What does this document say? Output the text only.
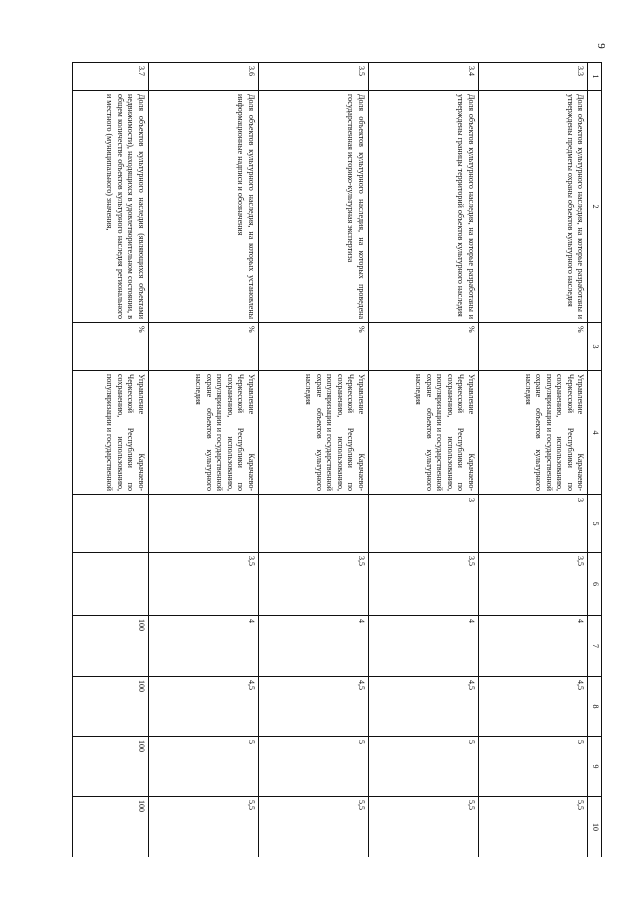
9
1	2	3	4	5	6	7	8	9	10
3.3	Доля объектов культурного наследия, на которые разработаны и утверждены предметы охраны объектов культурного наследия	%	Управление Карачаево-Черкесской Республики по сохранению, использованию, популяризации и государственной охране объектов культурного наследия	3	3,5	4	4,5	5	5,5
3.4	Доля объектов культурного наследия, на которые разработаны и утверждены границы территорий объектов культурного наследия	%	Управление Карачаево-Черкесской Республики по сохранению, использованию, популяризации и государственной охране объектов культурного наследия	3	3,5	4	4,5	5	5,5
3.5	Доля объектов культурного наследия, на которых проведена государственная историко-культурная экспертиза	%	Управление Карачаево-Черкесской Республики по сохранению, использованию, популяризации и государственной охране объектов культурного наследия		3,5	4	4,5	5	5,5
3.6	Доля объектов культурного наследия, на которых установлены информационные надписи и обозначения	%	Управление Карачаево-Черкесской Республики по сохранению, использованию, популяризации и государственной охране объектов культурного наследия		3,5	4	4,5	5	5,5
3.7	Доля объектов культурного наследия (являющихся объектами недвижимости), находящихся в удовлетворительном состоянии, в общем количестве объектов культурного наследия регионального и местного (муниципального) значения,	%	Управление Карачаево-Черкесской Республики по сохранению, использованию, популяризации и государственной			100	100	100	100
